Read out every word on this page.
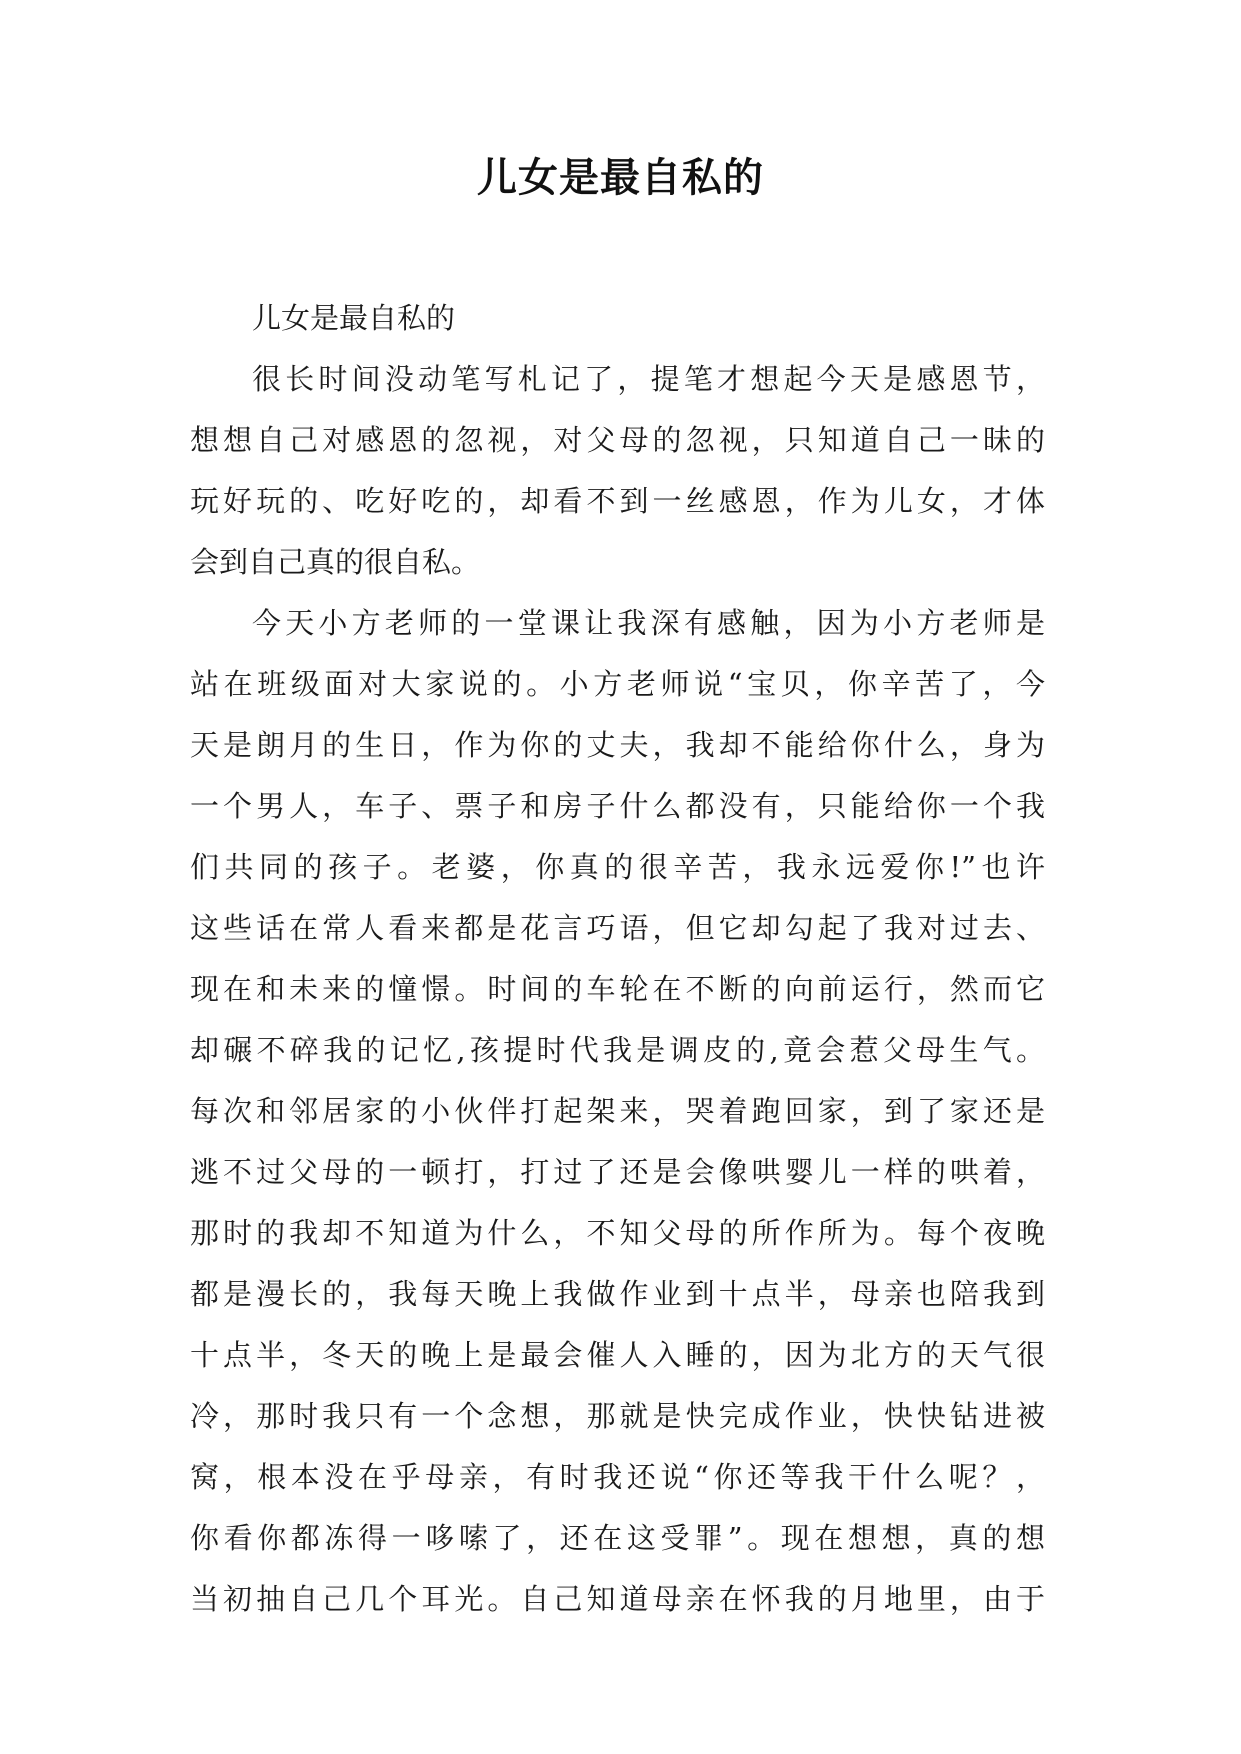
儿女是最自私的
儿女是最自私的
很长时间没动笔写札记了，提笔才想起今天是感恩节，
想想自己对感恩的忽视，对父母的忽视，只知道自己一昧的
玩好玩的、吃好吃的，却看不到一丝感恩，作为儿女，才体
会到自己真的很自私。
今天小方老师的一堂课让我深有感触，因为小方老师是
站在班级面对大家说的。小方老师说“宝贝，你辛苦了，今
天是朗月的生日，作为你的丈夫，我却不能给你什么，身为
一个男人，车子、票子和房子什么都没有，只能给你一个我
们共同的孩子。老婆，你真的很辛苦，我永远爱你!”也许
这些话在常人看来都是花言巧语，但它却勾起了我对过去、
现在和未来的憧憬。时间的车轮在不断的向前运行，然而它
却碾不碎我的记忆,孩提时代我是调皮的,竟会惹父母生气。
每次和邻居家的小伙伴打起架来，哭着跑回家，到了家还是
逃不过父母的一顿打，打过了还是会像哄婴儿一样的哄着，
那时的我却不知道为什么，不知父母的所作所为。每个夜晚
都是漫长的，我每天晚上我做作业到十点半，母亲也陪我到
十点半，冬天的晚上是最会催人入睡的，因为北方的天气很
冷，那时我只有一个念想，那就是快完成作业，快快钻进被
窝，根本没在乎母亲，有时我还说“你还等我干什么呢？，
你看你都冻得一哆嗦了，还在这受罪”。现在想想，真的想
当初抽自己几个耳光。自己知道母亲在怀我的月地里，由于
